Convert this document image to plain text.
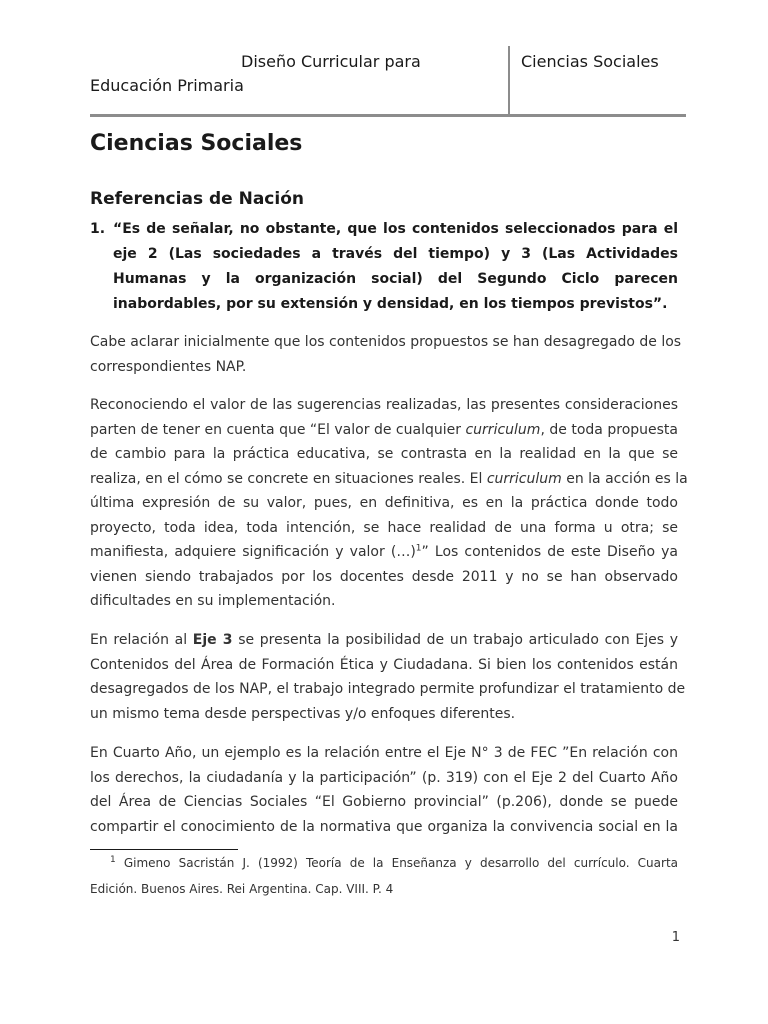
Diseño Curricular para
Educación Primaria
Ciencias Sociales
Ciencias Sociales
Referencias de Nación
1. “Es de señalar, no obstante, que los contenidos seleccionados para el eje 2 (Las sociedades a través del tiempo) y 3 (Las Actividades Humanas y la organización social) del Segundo Ciclo parecen inabordables, por su extensión y densidad, en los tiempos previstos”.
Cabe aclarar inicialmente que los contenidos propuestos se han desagregado de los
correspondientes NAP.
Reconociendo el valor de las sugerencias realizadas, las presentes consideraciones
parten de tener en cuenta que “El valor de cualquier curriculum, de toda propuesta
de cambio para la práctica educativa, se contrasta en la realidad en la que se
realiza, en el cómo se concrete en situaciones reales. El curriculum en la acción es la
última expresión de su valor, pues, en definitiva, es en la práctica donde todo
proyecto, toda idea, toda intención, se hace realidad de una forma u otra; se
manifiesta, adquiere significación y valor (…)$^1$” Los contenidos de este Diseño ya
vienen siendo trabajados por los docentes desde 2011 y no se han observado
dificultades en su implementación.
En relación al Eje 3 se presenta la posibilidad de un trabajo articulado con Ejes y
Contenidos del Área de Formación Ética y Ciudadana. Si bien los contenidos están
desagregados de los NAP, el trabajo integrado permite profundizar el tratamiento de
un mismo tema desde perspectivas y/o enfoques diferentes.
En Cuarto Año, un ejemplo es la relación entre el Eje N° 3 de FEC ”En relación con
los derechos, la ciudadanía y la participación” (p. 319) con el Eje 2 del Cuarto Año
del Área de Ciencias Sociales “El Gobierno provincial” (p.206), donde se puede
compartir el conocimiento de la normativa que organiza la convivencia social en la
$^1$ Gimeno Sacristán J. (1992) Teoría de la Enseñanza y desarrollo del currículo. Cuarta
Edición. Buenos Aires. Rei Argentina. Cap. VIII. P. 4
1
